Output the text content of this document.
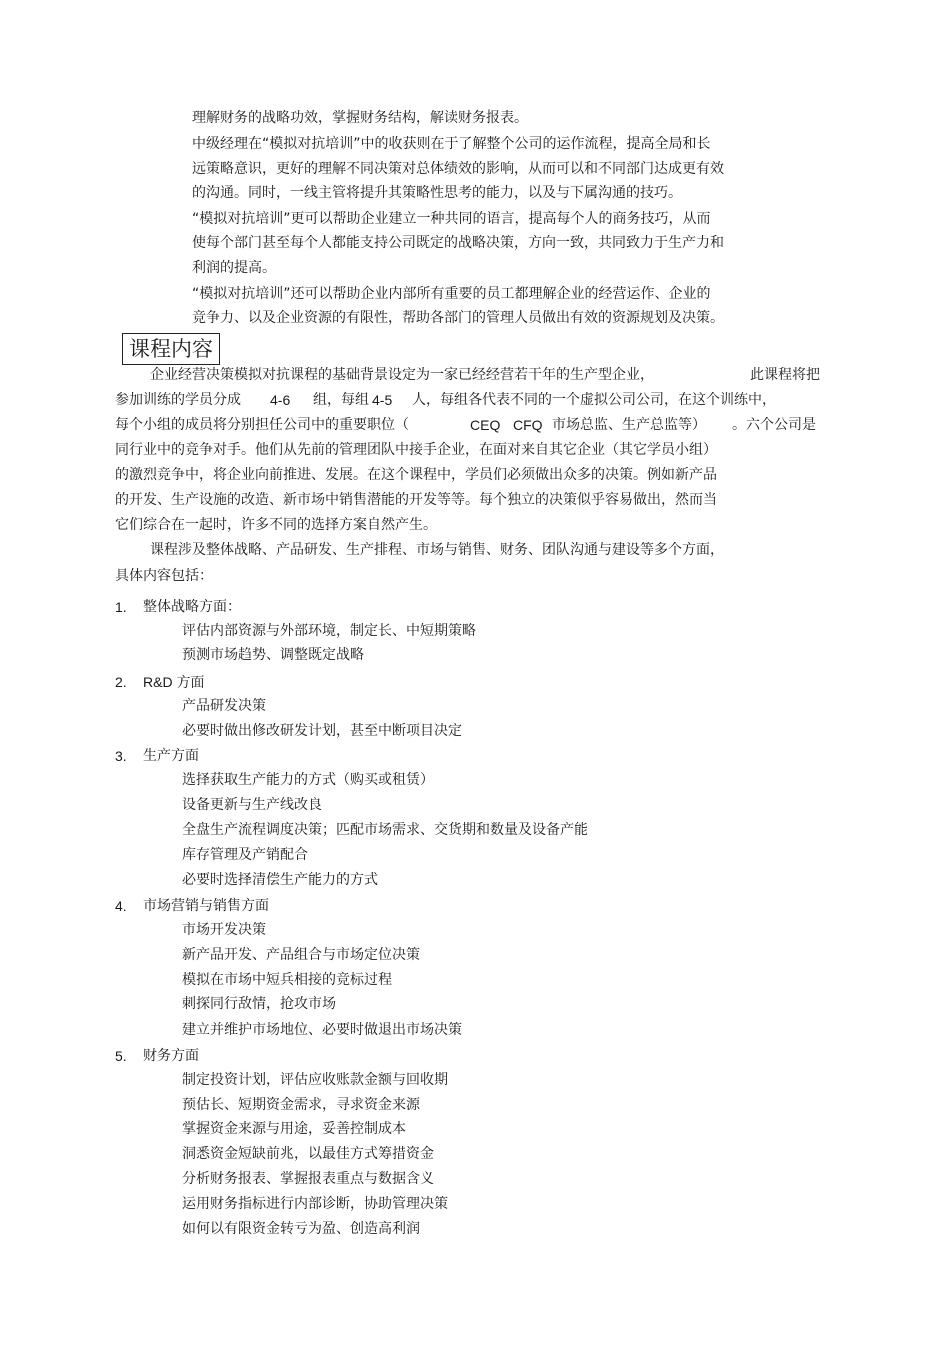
理解财务的战略功效，掌握财务结构，解读财务报表。
中级经理在“模拟对抗培训”中的收获则在于了解整个公司的运作流程，提高全局和长
远策略意识，更好的理解不同决策对总体绩效的影响，从而可以和不同部门达成更有效
的沟通。同时，一线主管将提升其策略性思考的能力，以及与下属沟通的技巧。
“模拟对抗培训”更可以帮助企业建立一种共同的语言，提高每个人的商务技巧，从而
使每个部门甚至每个人都能支持公司既定的战略决策，方向一致，共同致力于生产力和
利润的提高。
“模拟对抗培训”还可以帮助企业内部所有重要的员工都理解企业的经营运作、企业的
竞争力、以及企业资源的有限性，帮助各部门的管理人员做出有效的资源规划及决策。
课程内容
企业经营决策模拟对抗课程的基础背景设定为一家已经经营若干年的生产型企业，	此课程将把
参加训练的学员分成 4-6 组，每组 4-5 人，每组各代表不同的一个虚拟公司公司，在这个训练中，
每个小组的成员将分别担任公司中的重要职位（	CEQ CFQ 市场总监、生产总监等） 。六个公司是
同行业中的竞争对手。他们从先前的管理团队中接手企业，在面对来自其它企业（其它学员小组）
的激烈竞争中，将企业向前推进、发展。在这个课程中，学员们必须做出众多的决策。例如新产品
的开发、生产设施的改造、新市场中销售潜能的开发等等。每个独立的决策似乎容易做出，然而当
它们综合在一起时，许多不同的选择方案自然产生。
课程涉及整体战略、产品研发、生产排程、市场与销售、财务、团队沟通与建设等多个方面，
具体内容包括：
1. 整体战略方面：
评估内部资源与外部环境，制定长、中短期策略
预测市场趋势、调整既定战略
2. R&D 方面
产品研发决策
必要时做出修改研发计划，甚至中断项目决定
3. 生产方面
选择获取生产能力的方式（购买或租赁）
设备更新与生产线改良
全盘生产流程调度决策；匹配市场需求、交货期和数量及设备产能
库存管理及产销配合
必要时选择清偿生产能力的方式
4. 市场营销与销售方面
市场开发决策
新产品开发、产品组合与市场定位决策
模拟在市场中短兵相接的竞标过程
刺探同行敌情，抢攻市场
建立并维护市场地位、必要时做退出市场决策
5. 财务方面
制定投资计划，评估应收账款金额与回收期
预估长、短期资金需求，寻求资金来源
掌握资金来源与用途，妥善控制成本
洞悉资金短缺前兆，以最佳方式筹措资金
分析财务报表、掌握报表重点与数据含义
运用财务指标进行内部诊断，协助管理决策
如何以有限资金转亏为盈、创造高利润
